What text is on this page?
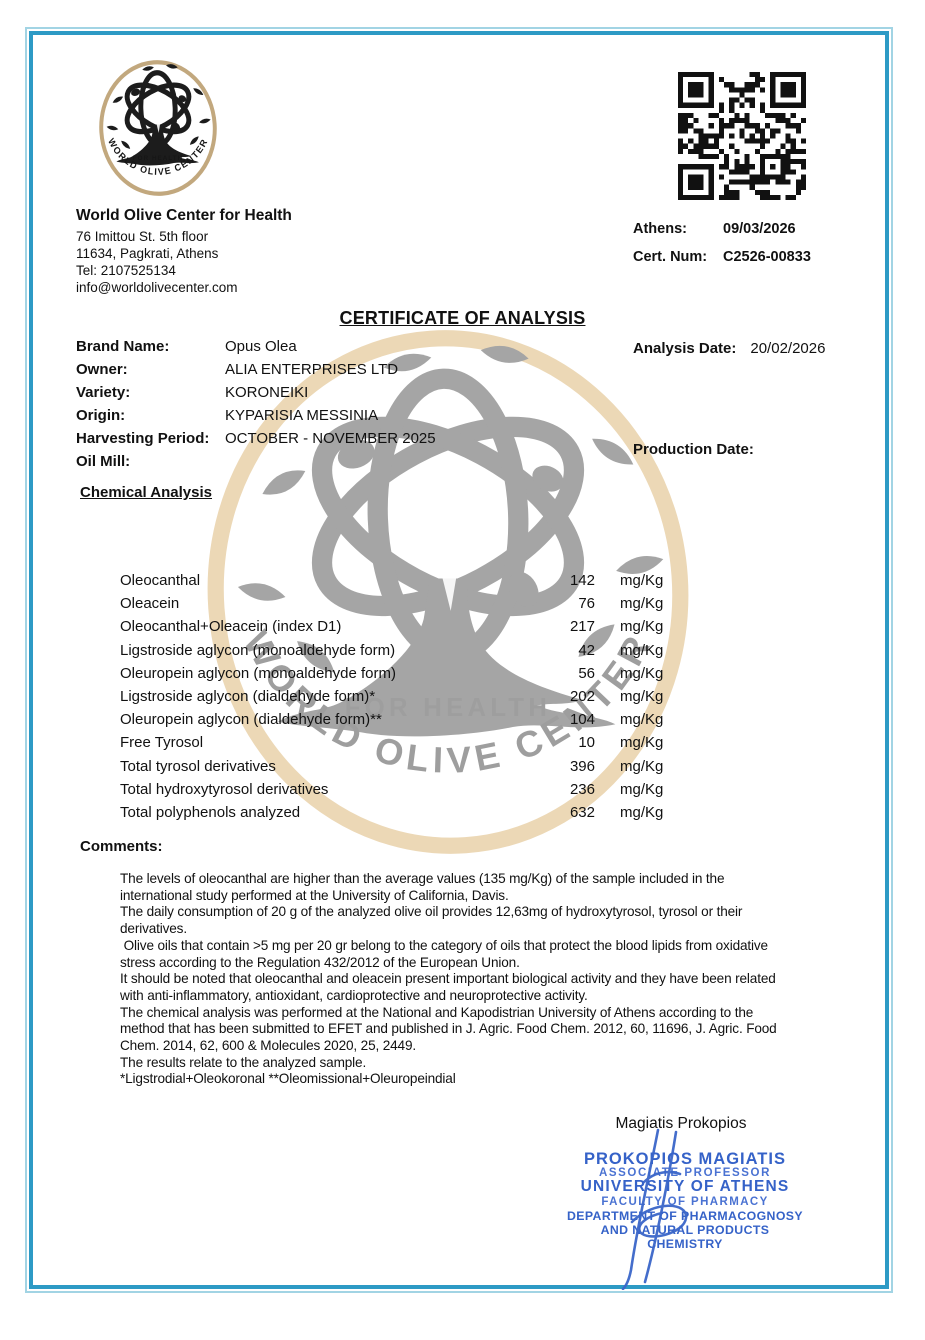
World Olive Center for Health
76 Imittou St. 5th floor
11634, Pagkrati, Athens
Tel: 2107525134
info@worldolivecenter.com
Athens:	09/03/2026
Cert. Num:	C2526-00833
CERTIFICATE OF ANALYSIS
Brand Name:	Opus Olea
Owner:	ALIA ENTERPRISES LTD
Variety:	KORONEIKI
Origin:	KYPARISIA MESSINIA
Harvesting Period:	OCTOBER - NOVEMBER 2025
Oil Mill:
Analysis Date: 20/02/2026
Production Date:
Chemical Analysis
Oleocanthal	142 mg/Kg
Oleacein	76 mg/Kg
Oleocanthal+Oleacein (index D1)	217 mg/Kg
Ligstroside aglycon (monoaldehyde form)	42 mg/Kg
Oleuropein aglycon (monoaldehyde form)	56 mg/Kg
Ligstroside aglycon (dialdehyde form)*	202 mg/Kg
Oleuropein aglycon (dialdehyde form)**	104 mg/Kg
Free Tyrosol	10 mg/Kg
Total tyrosol derivatives	396 mg/Kg
Total hydroxytyrosol derivatives	236 mg/Kg
Total polyphenols analyzed	632 mg/Kg
Comments:
The levels of oleocanthal are higher than the average values (135 mg/Kg) of the sample included in the
international study performed at the University of California, Davis.
The daily consumption of 20 g of the analyzed olive oil provides 12,63mg of hydroxytyrosol, tyrosol or their
derivatives.
Olive oils that contain >5 mg per 20 gr belong to the category of oils that protect the blood lipids from oxidative
stress according to the Regulation 432/2012 of the European Union.
It should be noted that oleocanthal and oleacein present important biological activity and they have been related
with anti-inflammatory, antioxidant, cardioprotective and neuroprotective activity.
The chemical analysis was performed at the National and Kapodistrian University of Athens according to the
method that has been submitted to EFET and published in J. Agric. Food Chem. 2012, 60, 11696, J. Agric. Food
Chem. 2014, 62, 600 & Molecules 2020, 25, 2449.
The results relate to the analyzed sample.
*Ligstrodial+Oleokoronal **Oleomissional+Oleuropeindial
Magiatis Prokopios
PROKOPIOS MAGIATIS
ASSOCIATE PROFESSOR
UNIVERSITY OF ATHENS
FACULTY OF PHARMACY
DEPARTMENT OF PHARMACOGNOSY
AND NATURAL PRODUCTS CHEMISTRY
